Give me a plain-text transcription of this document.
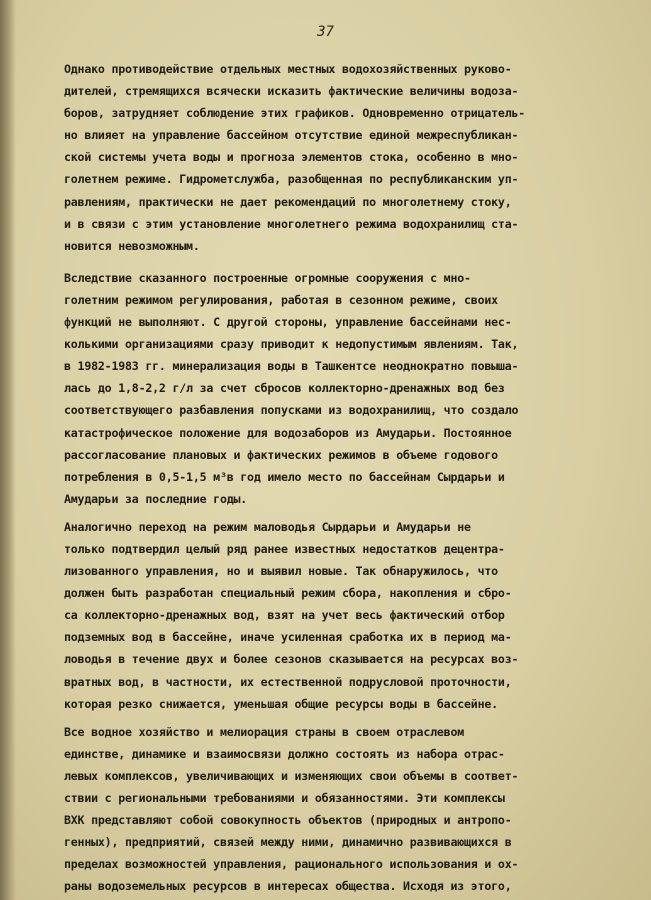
37
Однако противодействие отдельных местных водохозяйственных руково-
дителей, стремящихся всячески исказить фактические величины водоза-
боров, затрудняет соблюдение этих графиков. Одновременно отрицатель-
но влияет на управление бассейном отсутствие единой межреспубликан-
ской системы учета воды и прогноза элементов стока, особенно в мно-
голетнем режиме. Гидрометслужба, разобщенная по республиканским уп-
равлениям, практически не дает рекомендаций по многолетнему стоку,
и в связи с этим установление многолетнего режима водохранилищ ста-
новится невозможным.
Вследствие сказанного построенные огромные сооружения с мно-
голетним режимом регулирования, работая в сезонном режиме, своих
функций не выполняют. С другой стороны, управление бассейнами нес-
колькими организациями сразу приводит к недопустимым явлениям. Так,
в 1982-1983 гг. минерализация воды в Ташкентсе неоднократно повыша-
лась до 1,8-2,2 г/л за счет сбросов коллекторно-дренажных вод без
соответствующего разбавления попусками из водохранилищ, что создало
катастрофическое положение для водозаборов из Амударьи. Постоянное
рассогласование плановых и фактических режимов в объеме годового
потребления в 0,5-1,5 м³в год имело место по бассейнам Сырдарьи и
Амударьи за последние годы.
Аналогично переход на режим маловодья Сырдарьи и Амударьи не
только подтвердил целый ряд ранее известных недостатков децентра-
лизованного управления, но и выявил новые. Так обнаружилось, что
должен быть разработан специальный режим сбора, накопления и сбро-
са коллекторно-дренажных вод, взят на учет весь фактический отбор
подземных вод в бассейне, иначе усиленная сработка их в период ма-
ловодья в течение двух и более сезонов сказывается на ресурсах воз-
вратных вод, в частности, их естественной подрусловой проточности,
которая резко снижается, уменьшая общие ресурсы воды в бассейне.
Все водное хозяйство и мелиорация страны в своем отраслевом
единстве, динамике и взаимосвязи должно состоять из набора отрас-
левых комплексов, увеличивающих и изменяющих свои объемы в соответ-
ствии с региональными требованиями и обязанностями. Эти комплексы
ВХК представляют собой совокупность объектов (природных и антропо-
генных), предприятий, связей между ними, динамично развивающихся в
пределах возможностей управления, рационального использования и ох-
раны водоземельных ресурсов в интересах общества. Исходя из этого,
